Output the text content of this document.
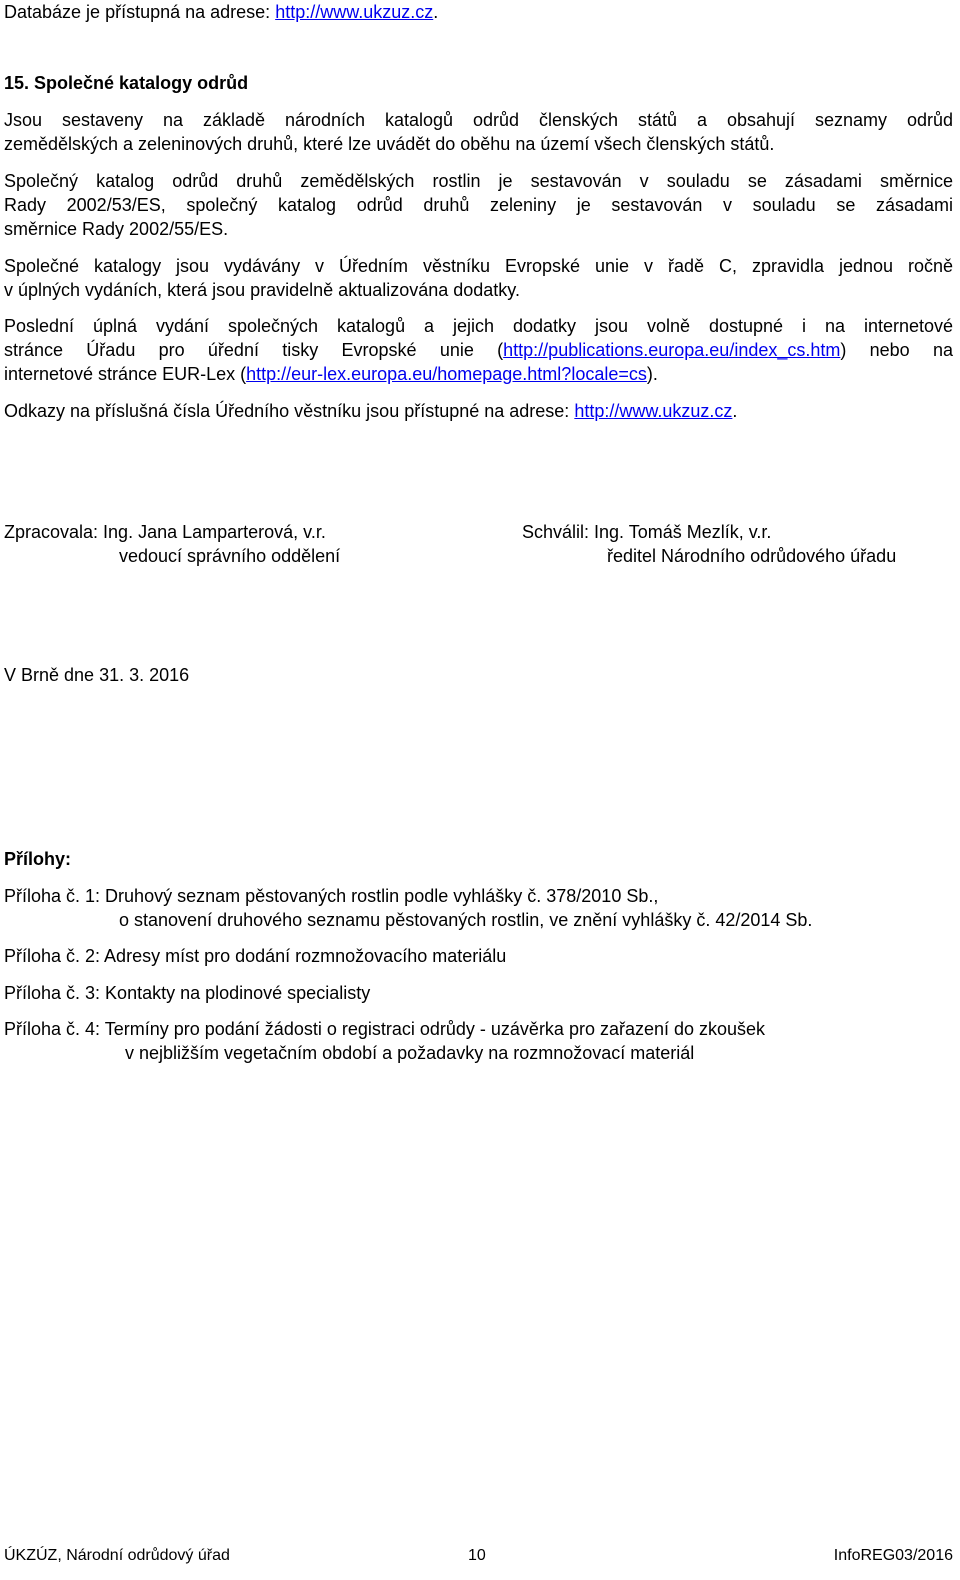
Databáze je přístupná na adrese: http://www.ukzuz.cz.
15. Společné katalogy odrůd

Jsou sestaveny na základě národních katalogů odrůd členských států a obsahují seznamy odrůd

zemědělských a zeleninových druhů, které lze uvádět do oběhu na území všech členských států.

Společný katalog odrůd druhů zemědělských rostlin je sestavován v souladu se zásadami směrnice

Rady 2002/53/ES, společný katalog odrůd druhů zeleniny je sestavován v souladu se zásadami

směrnice Rady 2002/55/ES.

Společné katalogy jsou vydávány v Úředním věstníku Evropské unie v řadě C, zpravidla jednou ročně

v úplných vydáních, která jsou pravidelně aktualizována dodatky.

Poslední úplná vydání společných katalogů a jejich dodatky jsou volně dostupné i na internetové

stránce Úřadu pro úřední tisky Evropské unie (http://publications.europa.eu/index_cs.htm) nebo na

internetové stránce EUR-Lex (http://eur-lex.europa.eu/homepage.html?locale=cs).

Odkazy na příslušná čísla Úředního věstníku jsou přístupné na adrese: http://www.ukzuz.cz.
Zpracovala: Ing. Jana Lamparterová, v.r.
vedoucí správního oddělení
Schválil: Ing. Tomáš Mezlík, v.r.
ředitel Národního odrůdového úřadu
V Brně dne 31. 3. 2016
Přílohy:
Příloha č. 1: Druhový seznam pěstovaných rostlin podle vyhlášky č. 378/2010 Sb.,
o stanovení druhového seznamu pěstovaných rostlin, ve znění vyhlášky č. 42/2014 Sb.
Příloha č. 2: Adresy míst pro dodání rozmnožovacího materiálu
Příloha č. 3: Kontakty na plodinové specialisty
Příloha č. 4: Termíny pro podání žádosti o registraci odrůdy - uzávěrka pro zařazení do zkoušek
v nejbližším vegetačním období a požadavky na rozmnožovací materiál
ÚKZÚZ, Národní odrůdový úřad	10	InfoREG03/2016
